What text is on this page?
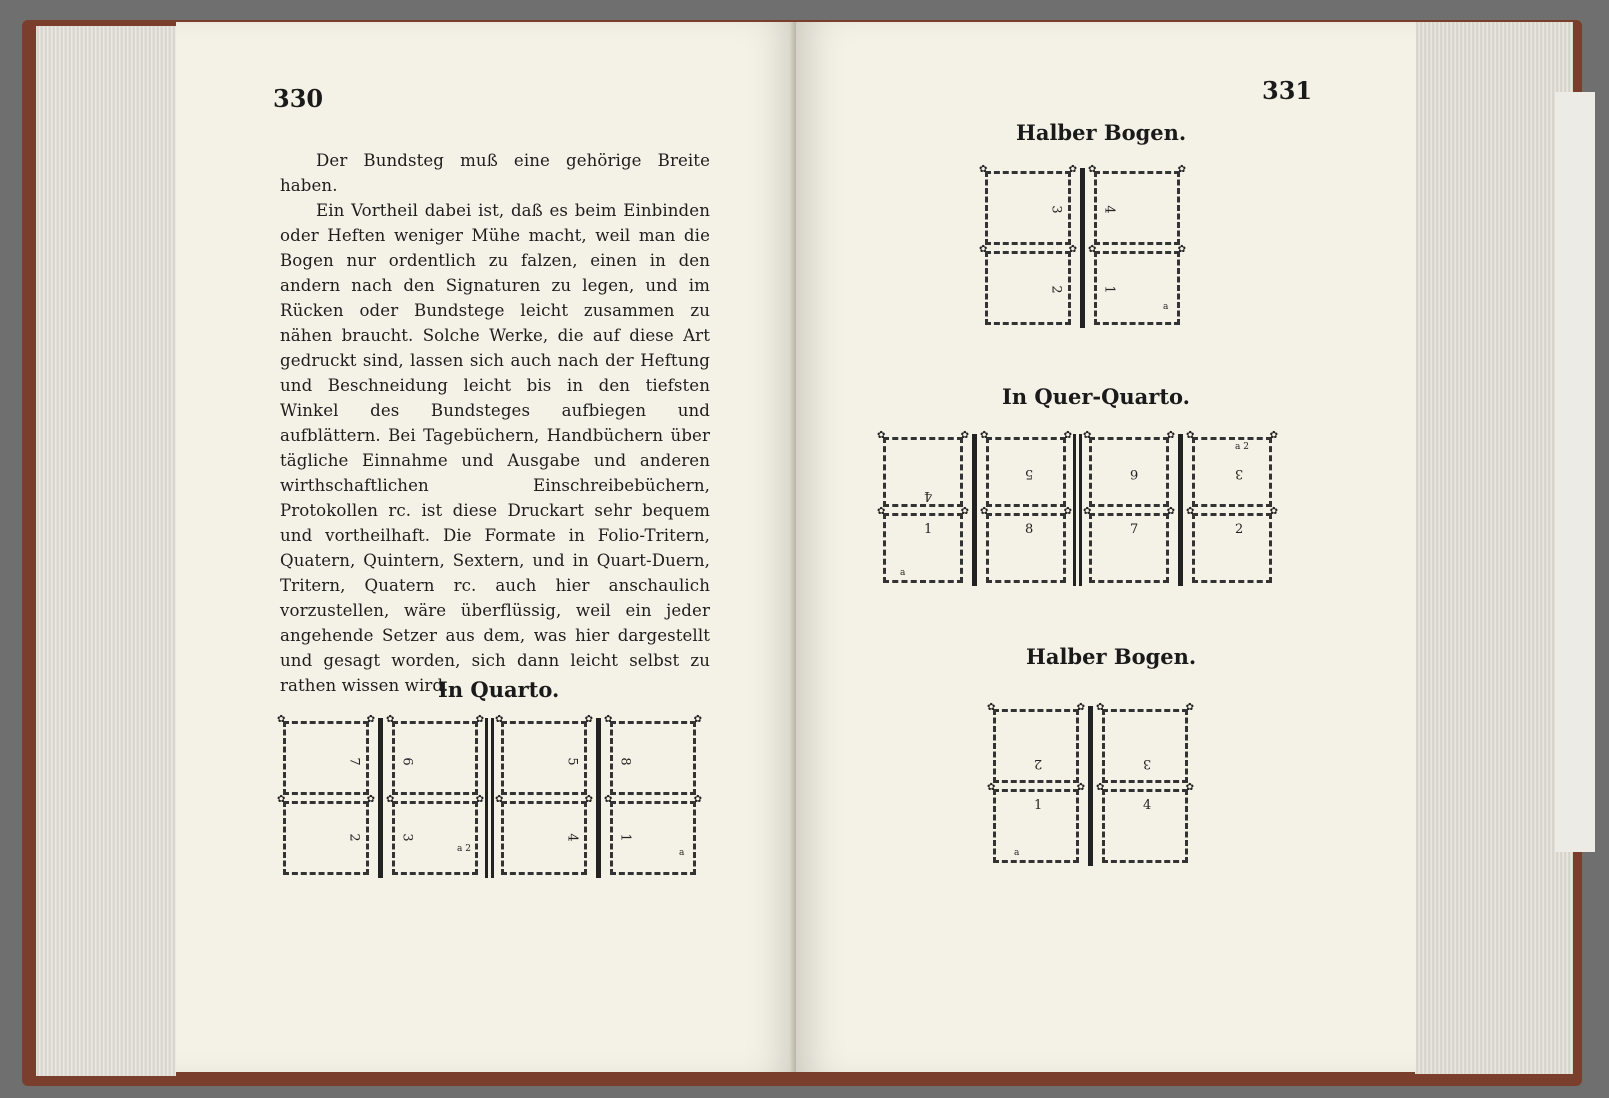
330

Der Bundsteg muß eine gehörige Breite haben.

Ein Vortheil dabei ist, daß es beim Einbinden oder Heften weniger Mühe macht, weil man die Bogen nur ordentlich zu falzen, einen in den andern nach den Signaturen zu legen, und im Rücken oder Bundstege leicht zusammen zu nähen braucht. Solche Werke, die auf diese Art gedruckt sind, lassen sich auch nach der Heftung und Beschneidung leicht bis in den tiefsten Winkel des Bundsteges aufbiegen und aufblättern. Bei Tagebüchern, Handbüchern über tägliche Einnahme und Ausgabe und anderen wirthschaftlichen Einschreibebüchern, Protokollen rc. ist diese Druckart sehr bequem und vortheilhaft. Die Formate in Folio-Tritern, Quatern, Quintern, Sextern, und in Quart-Duern, Tritern, Quatern rc. auch hier anschaulich vorzustellen, wäre überflüssig, weil ein jeder angehende Setzer aus dem, was hier dargestellt und gesagt worden, sich dann leicht selbst zu rathen wissen wird.

In Quarto.
✿ 7
✿
✿ 2
✿
✿ 6
✿
✿ 3
a 2
✿
✿ 5
✿
✿ 4
✿
✿ 8
✿
✿ 1
a
✿
331
Halber Bogen.
✿ 3
✿
✿ 2
✿
✿ 4
✿
✿ 1
a
✿
In Quer-Quarto.
✿ 4
✿
✿ 1
a
✿
✿ 5
✿
✿ 8
✿
✿ 6
✿
✿ 7
✿
✿ a 2
3
✿
✿ 2
✿
Halber Bogen.
✿ 2
✿
✿ 1
a
✿
✿ 3
✿
✿ 4
✿
